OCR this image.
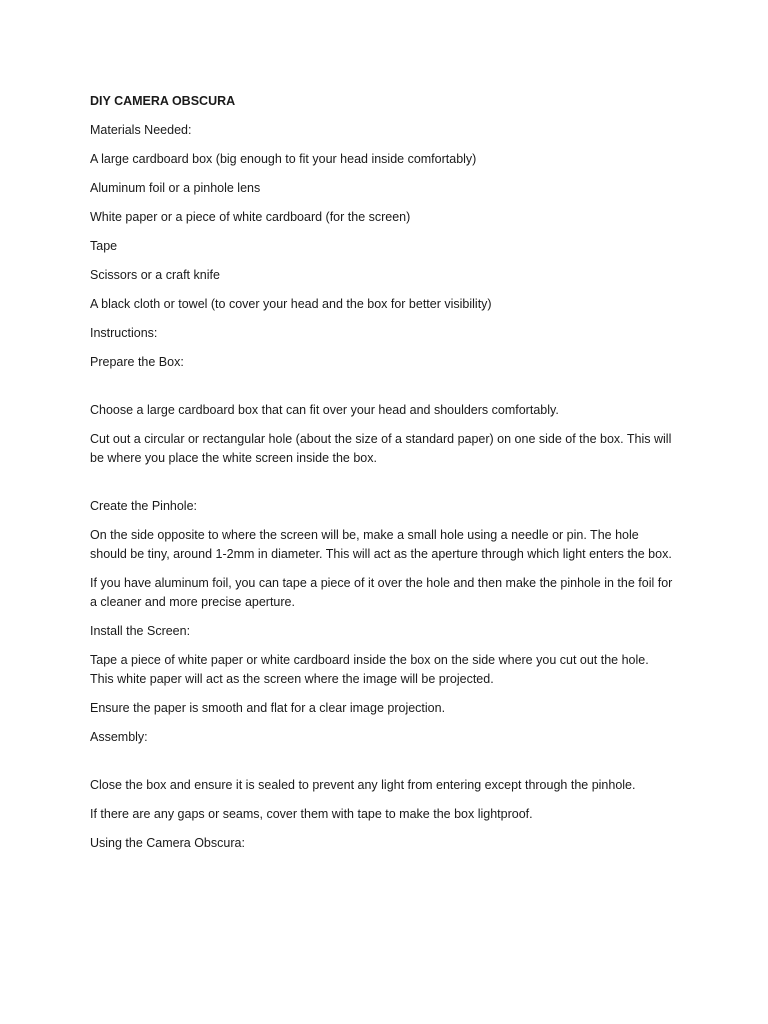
DIY CAMERA OBSCURA

Materials Needed:

A large cardboard box (big enough to fit your head inside comfortably)

Aluminum foil or a pinhole lens

White paper or a piece of white cardboard (for the screen)

Tape

Scissors or a craft knife

A black cloth or towel (to cover your head and the box for better visibility)

Instructions:

Prepare the Box:

Choose a large cardboard box that can fit over your head and shoulders comfortably.

Cut out a circular or rectangular hole (about the size of a standard paper) on one side of the box. This will be where you place the white screen inside the box.

Create the Pinhole:

On the side opposite to where the screen will be, make a small hole using a needle or pin. The hole should be tiny, around 1-2mm in diameter. This will act as the aperture through which light enters the box.

If you have aluminum foil, you can tape a piece of it over the hole and then make the pinhole in the foil for a cleaner and more precise aperture.

Install the Screen:

Tape a piece of white paper or white cardboard inside the box on the side where you cut out the hole. This white paper will act as the screen where the image will be projected.

Ensure the paper is smooth and flat for a clear image projection.

Assembly:

Close the box and ensure it is sealed to prevent any light from entering except through the pinhole.

If there are any gaps or seams, cover them with tape to make the box lightproof.

Using the Camera Obscura:
